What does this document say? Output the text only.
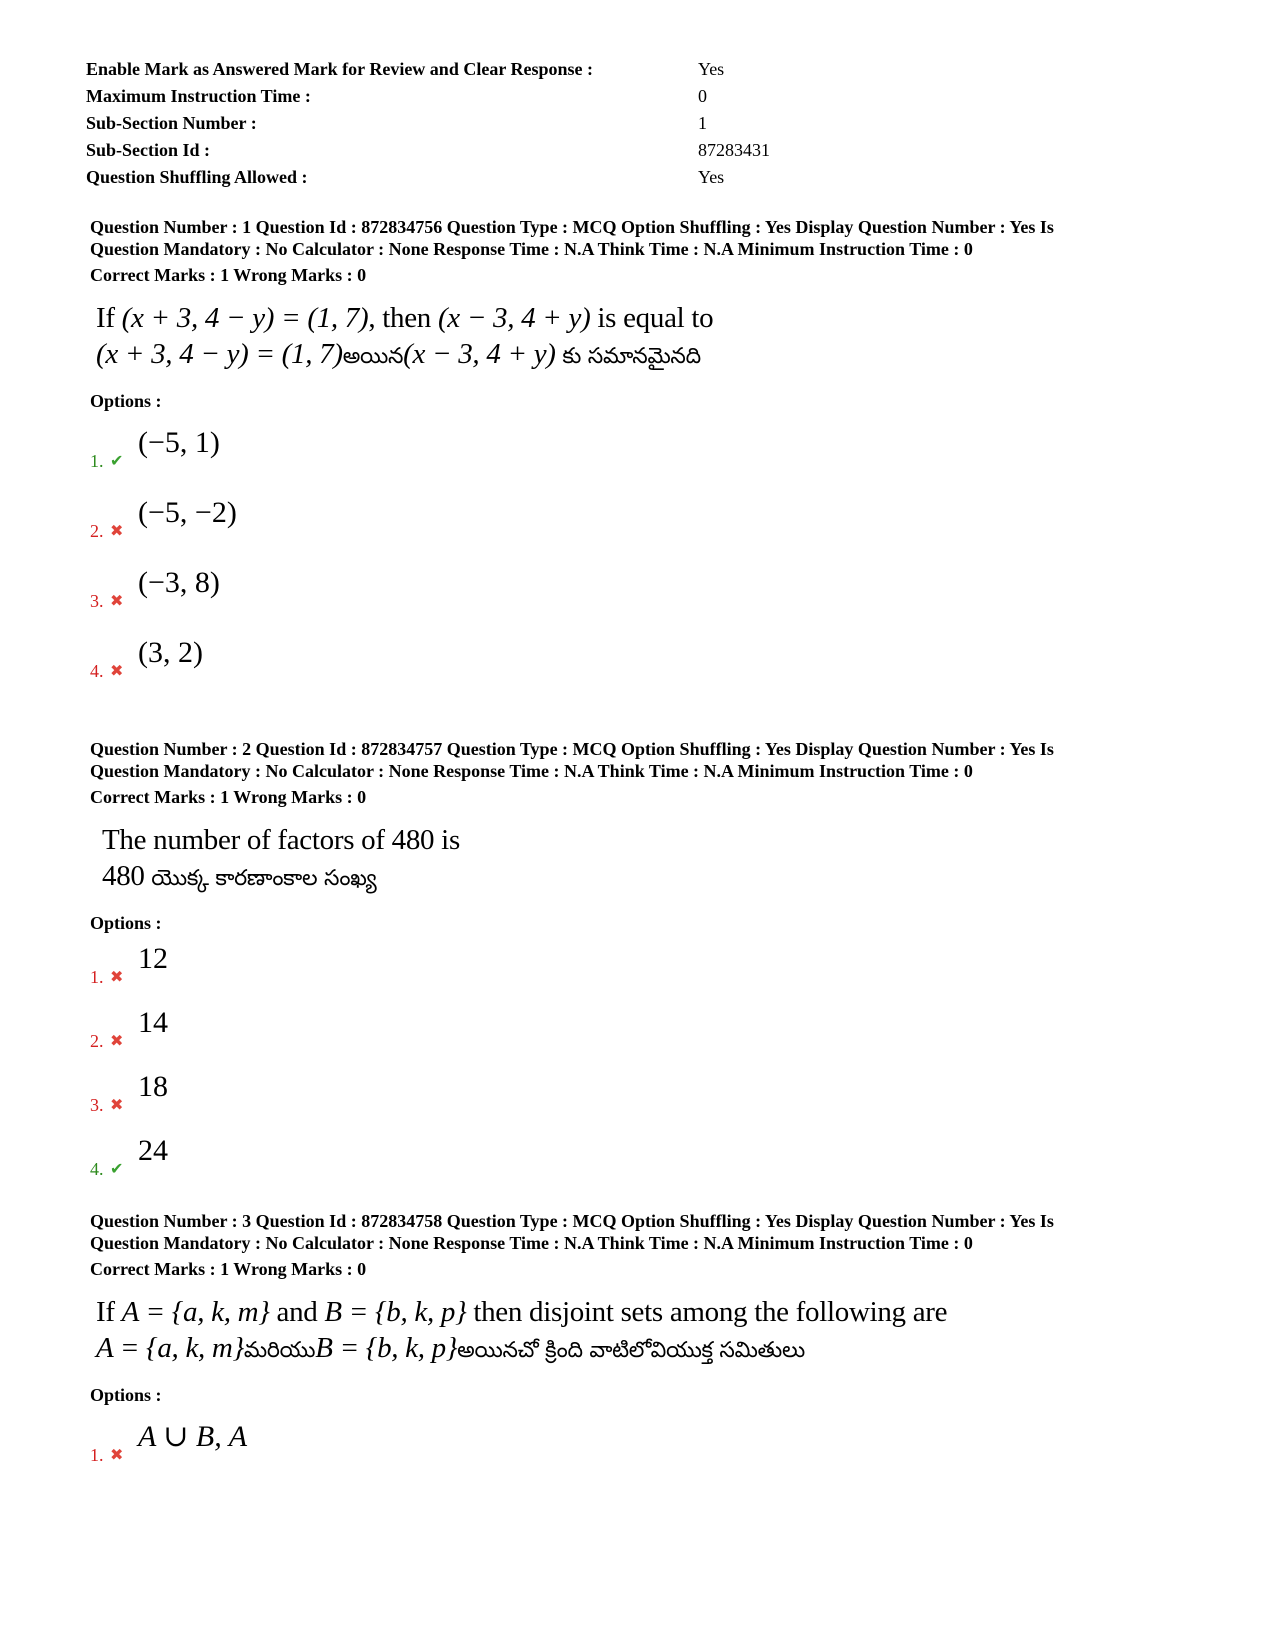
Enable Mark as Answered Mark for Review and Clear Response :	Yes
Maximum Instruction Time :	0
Sub-Section Number :	1
Sub-Section Id :	87283431
Question Shuffling Allowed :	Yes
Question Number : 1 Question Id : 872834756 Question Type : MCQ Option Shuffling : Yes Display Question Number : Yes Is
Question Mandatory : No Calculator : None Response Time : N.A Think Time : N.A Minimum Instruction Time : 0
Correct Marks : 1 Wrong Marks : 0
If (x + 3, 4 − y) = (1, 7), then (x − 3, 4 + y) is equal to
(x + 3, 4 − y) = (1, 7)అయిన(x − 3, 4 + y) కు సమానమైనది
Options :
1. ✔
(−5, 1)
2. ✖
(−5, −2)
3. ✖
(−3, 8)
4. ✖
(3, 2)
Question Number : 2 Question Id : 872834757 Question Type : MCQ Option Shuffling : Yes Display Question Number : Yes Is
Question Mandatory : No Calculator : None Response Time : N.A Think Time : N.A Minimum Instruction Time : 0
Correct Marks : 1 Wrong Marks : 0
The number of factors of 480 is
480 యొక్క కారణాంకాల సంఖ్య
Options :
1. ✖
12
2. ✖
14
3. ✖
18
4. ✔
24
Question Number : 3 Question Id : 872834758 Question Type : MCQ Option Shuffling : Yes Display Question Number : Yes Is
Question Mandatory : No Calculator : None Response Time : N.A Think Time : N.A Minimum Instruction Time : 0
Correct Marks : 1 Wrong Marks : 0
If A = {a, k, m} and B = {b, k, p} then disjoint sets among the following are
A = {a, k, m}మరియుB = {b, k, p}అయినచో క్రింది వాటిలోవియుక్త సమితులు
Options :
1. ✖
A ∪ B, A
